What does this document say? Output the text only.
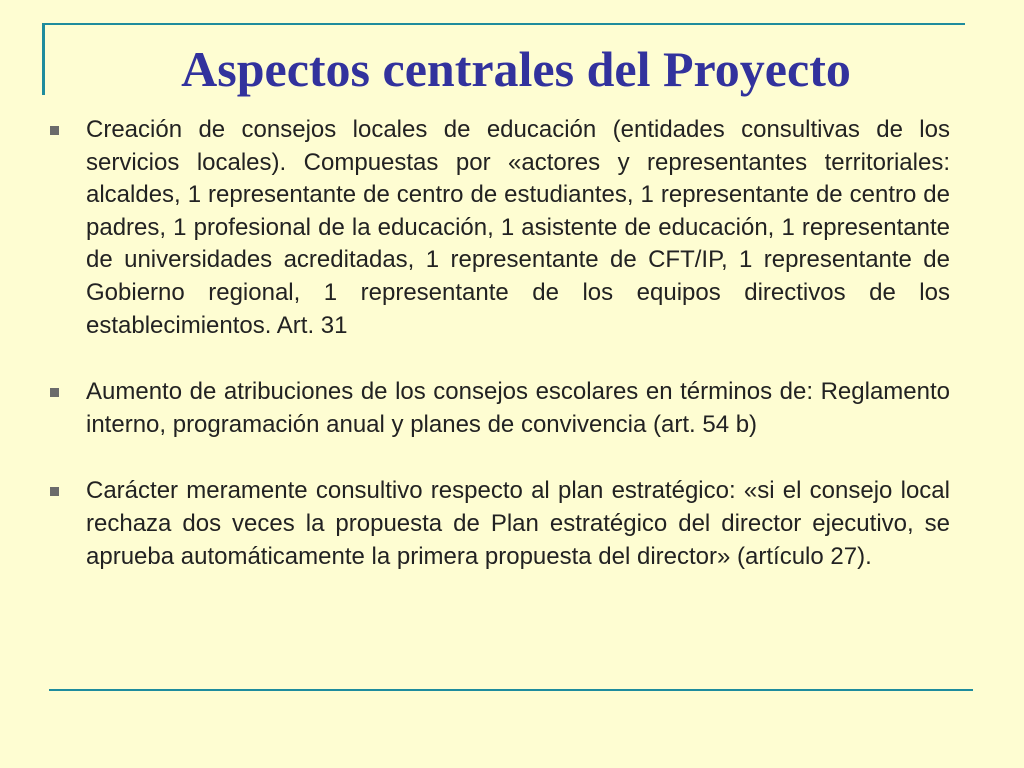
Aspectos centrales del Proyecto
Creación de consejos locales de educación (entidades consultivas de los servicios locales). Compuestas por «actores y representantes territoriales: alcaldes, 1 representante de centro de estudiantes, 1 representante de centro de padres, 1 profesional de la educación, 1 asistente de educación, 1 representante de universidades acreditadas, 1 representante de CFT/IP, 1 representante de Gobierno regional, 1 representante de los equipos directivos de los establecimientos. Art. 31
Aumento de atribuciones de los consejos escolares en términos de: Reglamento interno, programación anual y planes de convivencia (art. 54 b)
Carácter meramente consultivo respecto al plan estratégico: «si el consejo local rechaza dos veces la propuesta de Plan estratégico del director ejecutivo, se aprueba automáticamente la primera propuesta del director» (artículo 27).
